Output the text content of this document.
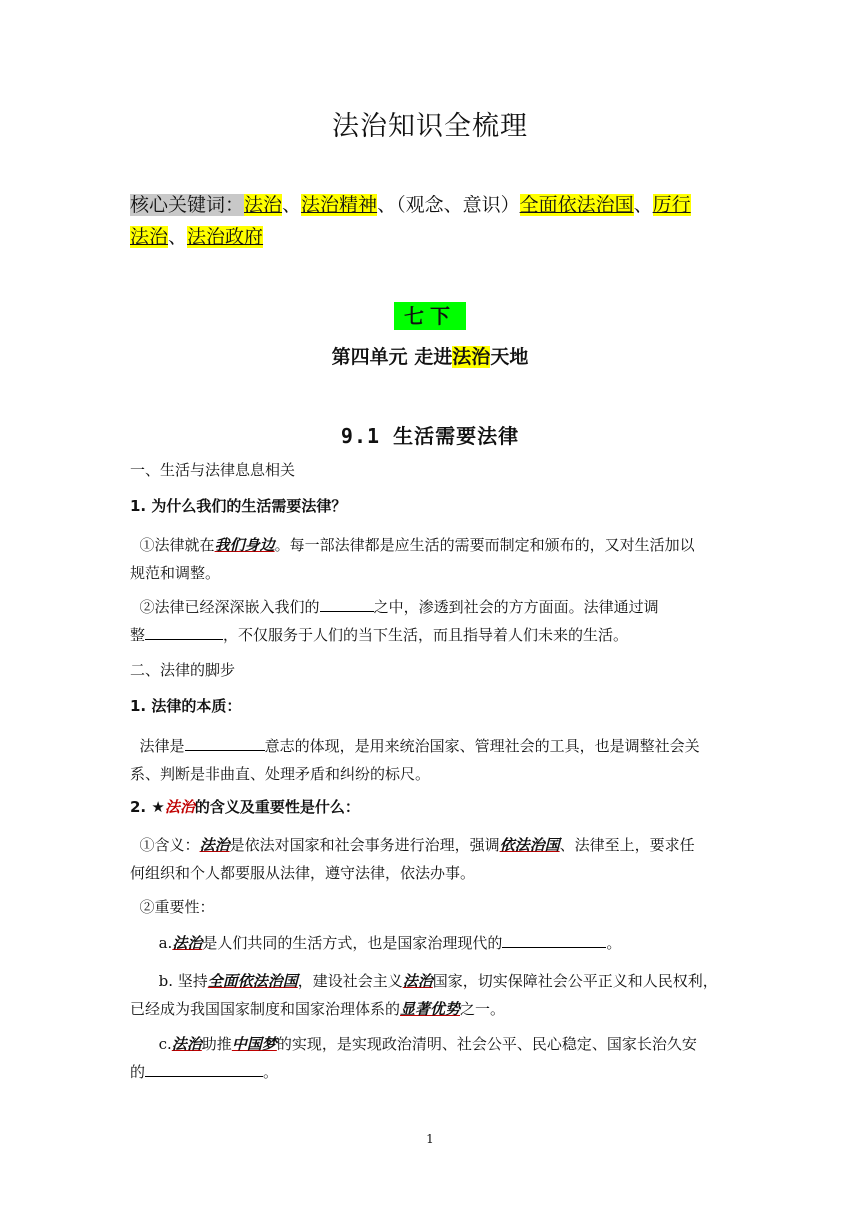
法治知识全梳理
核心关键词：法治、法治精神、（观念、意识）全面依法治国、厉行
法治、法治政府
七下
第四单元 走进法治天地
9.1 生活需要法律
一、生活与法律息息相关
1. 为什么我们的生活需要法律？
①法律就在我们身边。每一部法律都是应生活的需要而制定和颁布的，又对生活加以
规范和调整。
②法律已经深深嵌入我们的	之中，渗透到社会的方方面面。法律通过调
整	，不仅服务于人们的当下生活，而且指导着人们未来的生活。
二、法律的脚步
1. 法律的本质：
法律是	意志的体现，是用来统治国家、管理社会的工具，也是调整社会关
系、判断是非曲直、处理矛盾和纠纷的标尺。
2. ★法治的含义及重要性是什么：
①含义：法治是依法对国家和社会事务进行治理，强调依法治国、法律至上，要求任
何组织和个人都要服从法律，遵守法律，依法办事。
②重要性：
a.法治是人们共同的生活方式，也是国家治理现代的	。
b. 坚持全面依法治国，建设社会主义法治国家，切实保障社会公平正义和人民权利，
已经成为我国国家制度和国家治理体系的显著优势之一。
c.法治助推中国梦的实现，是实现政治清明、社会公平、民心稳定、国家长治久安
的	。
1
